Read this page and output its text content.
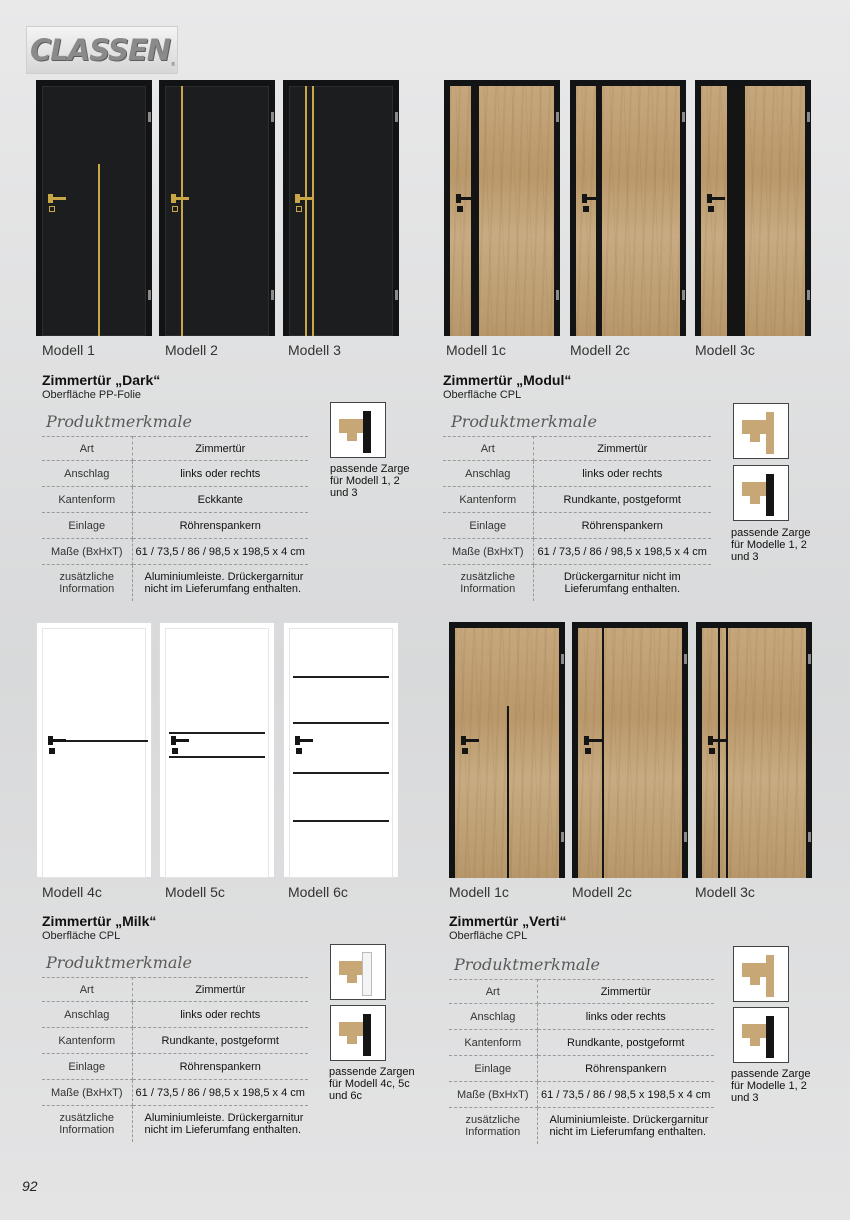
CLASSEN ®
Modell 1	Modell 2	Modell 3
Zimmertür „Dark“
Oberfläche PP-Folie
Produktmerkmale
Art	Zimmertür
Anschlag	links oder rechts
Kantenform	Eckkante
Einlage	Röhrenspankern
Maße (BxHxT)	61 / 73,5 / 86 / 98,5 x 198,5 x 4 cm
zusätzliche
Information	Aluminiumleiste. Drückergarnitur
nicht im Lieferumfang enthalten.
passende Zarge
für Modell 1, 2
und 3
Modell 1c	Modell 2c	Modell 3c
Zimmertür „Modul“
Oberfläche CPL
Produktmerkmale
Art	Zimmertür
Anschlag	links oder rechts
Kantenform	Rundkante, postgeformt
Einlage	Röhrenspankern
Maße (BxHxT)	61 / 73,5 / 86 / 98,5 x 198,5 x 4 cm
zusätzliche
Information	Drückergarnitur nicht im
Lieferumfang enthalten.
passende Zarge
für Modelle 1, 2
und 3
Modell 4c	Modell 5c	Modell 6c
Zimmertür „Milk“
Oberfläche CPL
Produktmerkmale
Art	Zimmertür
Anschlag	links oder rechts
Kantenform	Rundkante, postgeformt
Einlage	Röhrenspankern
Maße (BxHxT)	61 / 73,5 / 86 / 98,5 x 198,5 x 4 cm
zusätzliche
Information	Aluminiumleiste. Drückergarnitur
nicht im Lieferumfang enthalten.
passende Zargen
für Modell 4c, 5c
und 6c
Modell 1c	Modell 2c	Modell 3c
Zimmertür „Verti“
Oberfläche CPL
Produktmerkmale
Art	Zimmertür
Anschlag	links oder rechts
Kantenform	Rundkante, postgeformt
Einlage	Röhrenspankern
Maße (BxHxT)	61 / 73,5 / 86 / 98,5 x 198,5 x 4 cm
zusätzliche
Information	Aluminiumleiste. Drückergarnitur
nicht im Lieferumfang enthalten.
passende Zarge
für Modelle 1, 2
und 3
92
